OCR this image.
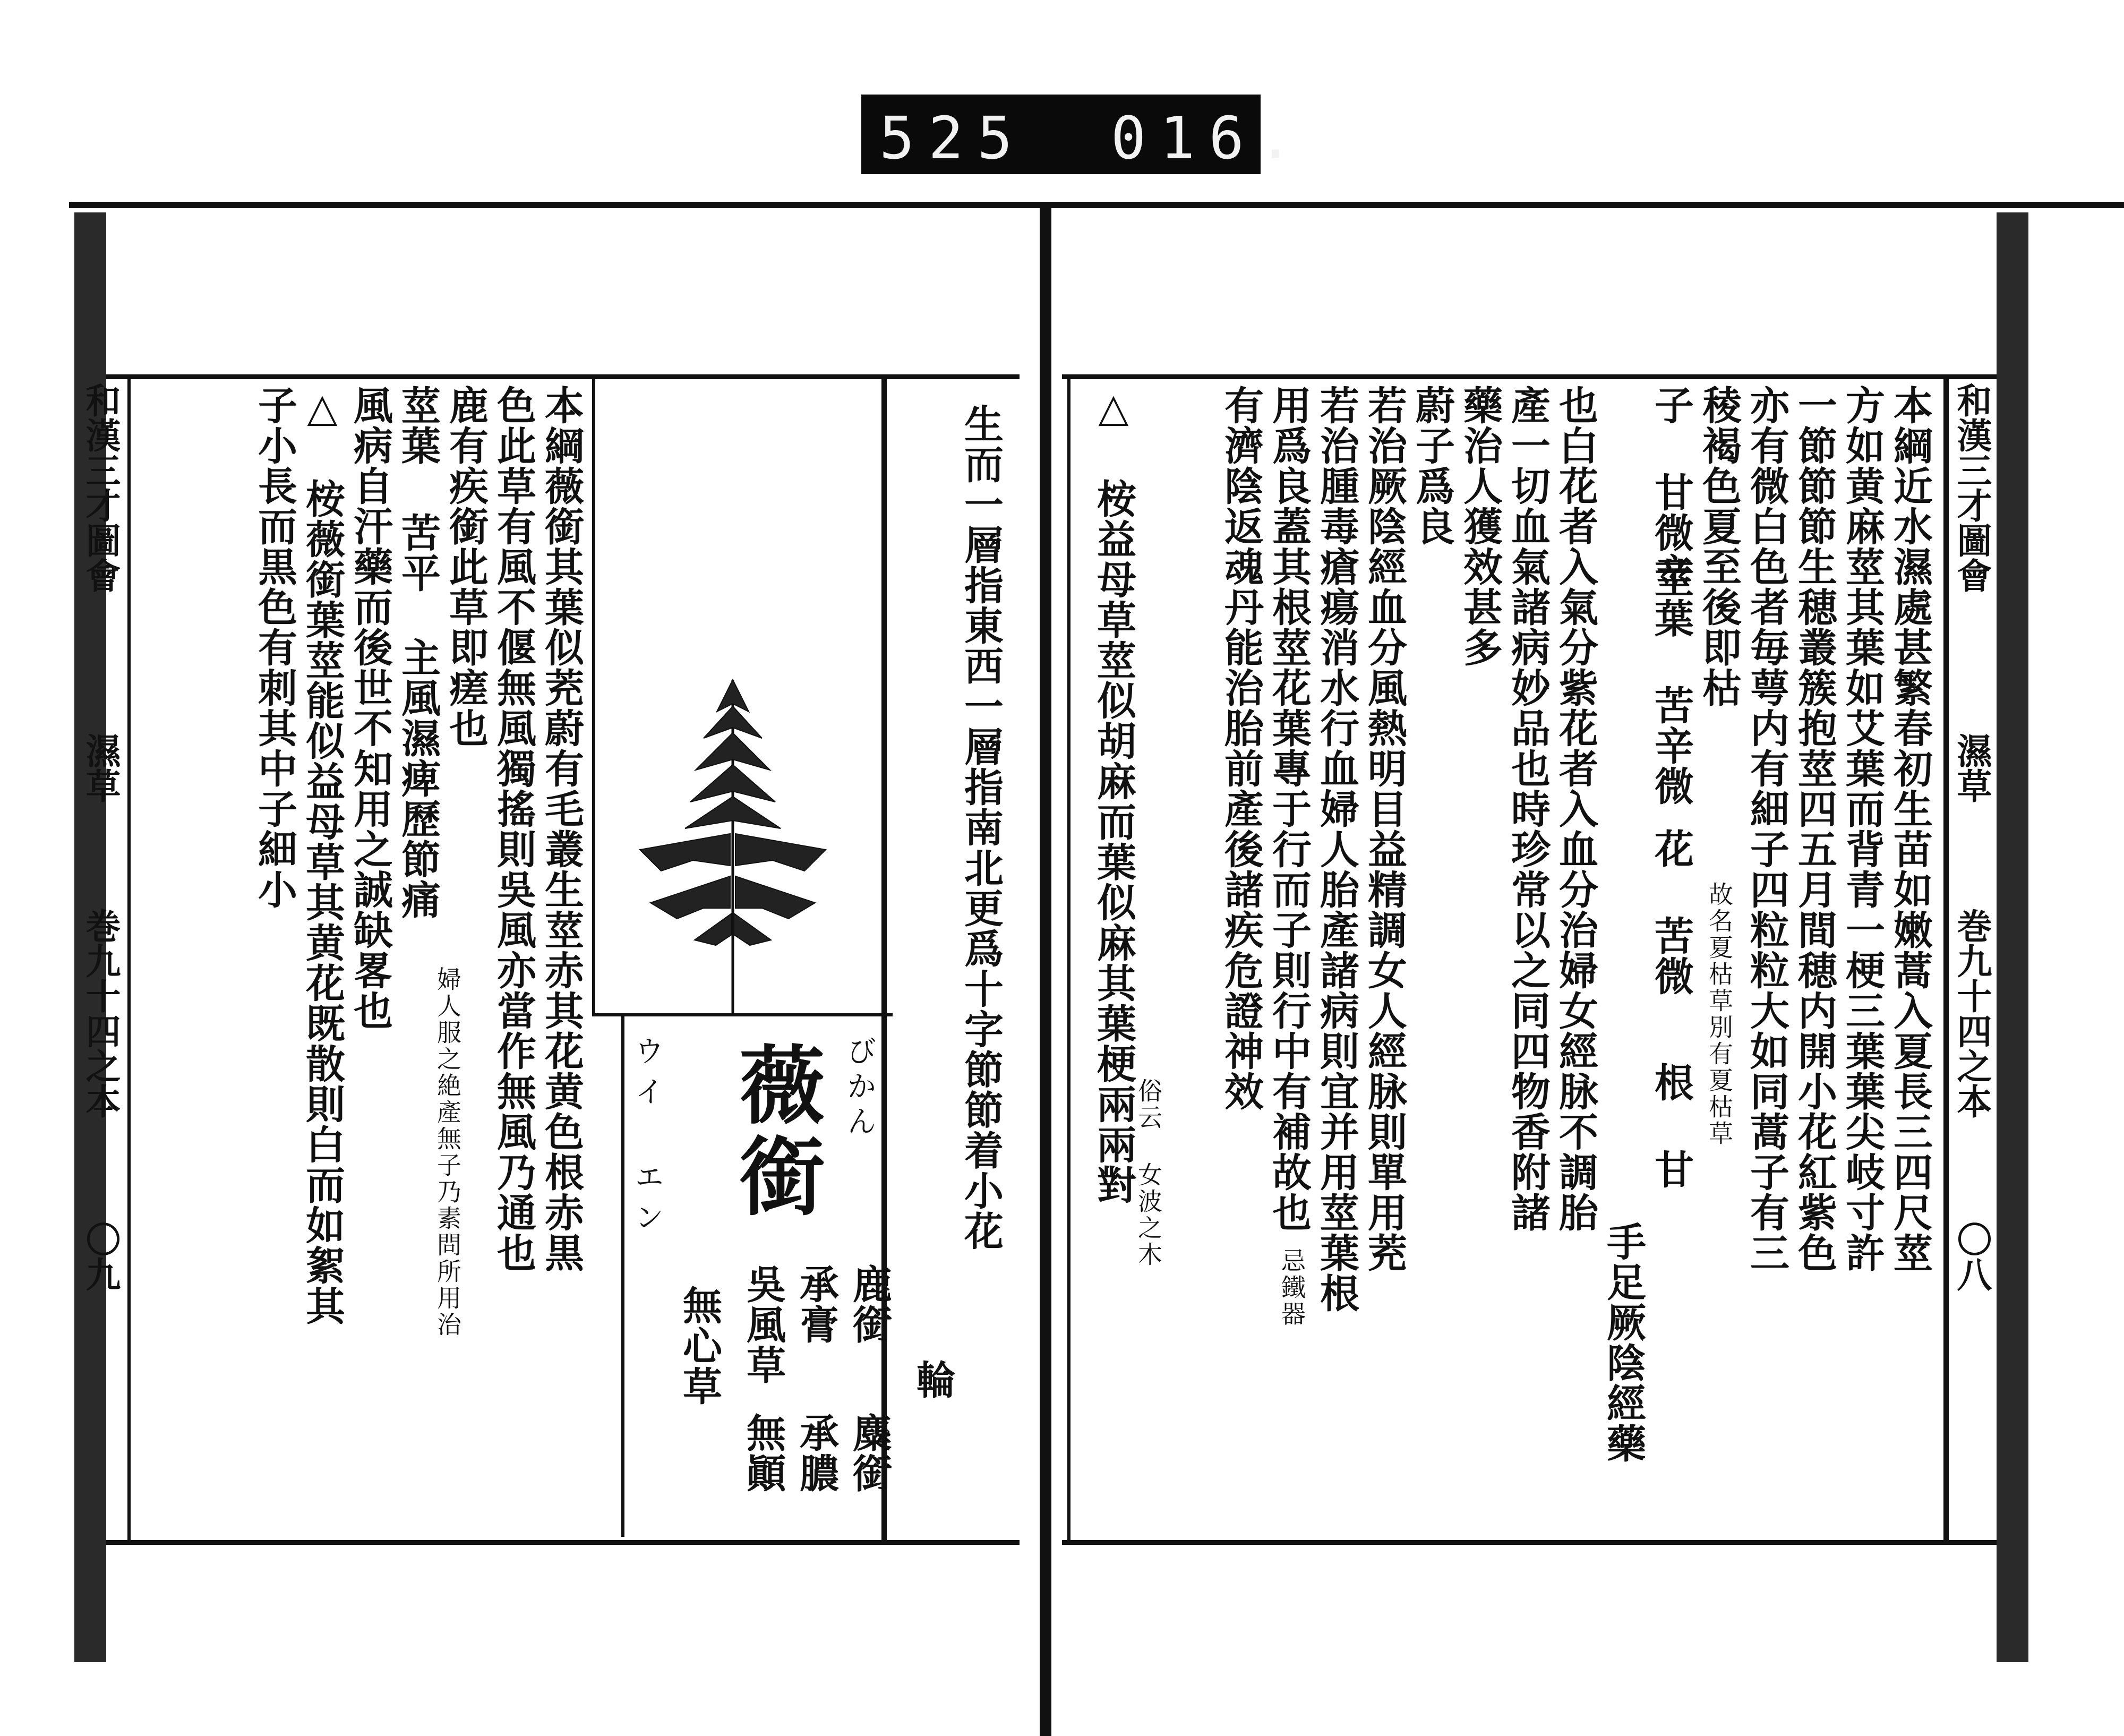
525 016.
和漢三才圖會
濕草
巻九十四之本
〇九
生而一層指東西一層指南北更爲十字節節着小花
輪
薇銜
ウイ エン	びかん
鹿銜
麋銜
承膏
承膿
吳風草
無顚
無心草
本綱薇銜其葉似茺蔚有毛叢生莖赤其花黄色根赤黒
色此草有風不偃無風獨搖則吳風亦當作無風乃通也
鹿有疾銜此草即瘥也
莖葉 苦平
主風濕痺歷節痛
婦人服之絶產無子乃素問所用治
風病自汗藥而後世不知用之誠缺畧也
△ 桉薇銜葉莖能似益母草其黄花既散則白而如絮其
子小長而黒色有刺其中子細小	和漢三才圖會
濕草
巻九十四之本
〇八
本綱近水濕處甚繁春初生苗如嫩蒿入夏長三四尺莖
方如黄麻莖其葉如艾葉而背青一梗三葉葉尖岐寸許
一節節節生穂叢簇抱莖四五月間穂内開小花紅紫色
亦有微白色者毎萼内有細子四粒粒大如同蒿子有三
稜褐色夏至後即枯
故名夏枯草別有夏枯草
子 甘微辛
莖葉 苦辛微
花 苦微
根 甘
手足厥陰經藥
也白花者入氣分紫花者入血分治婦女經脉不調胎
產一切血氣諸病妙品也時珍常以之同四物香附諸
藥治人獲效甚多
蔚子爲良
若治厥陰經血分風熱明目益精調女人經脉則單用茺
若治腫毒瘡瘍消水行血婦人胎產諸病則宜并用莖葉根
用爲良蓋其根莖花葉專于行而子則行中有補故也
忌鐵器
有濟陰返魂丹能治胎前產後諸疾危證神效
△ 桉益母草莖似胡麻而葉似麻其葉梗兩兩對
俗云 女波之木
